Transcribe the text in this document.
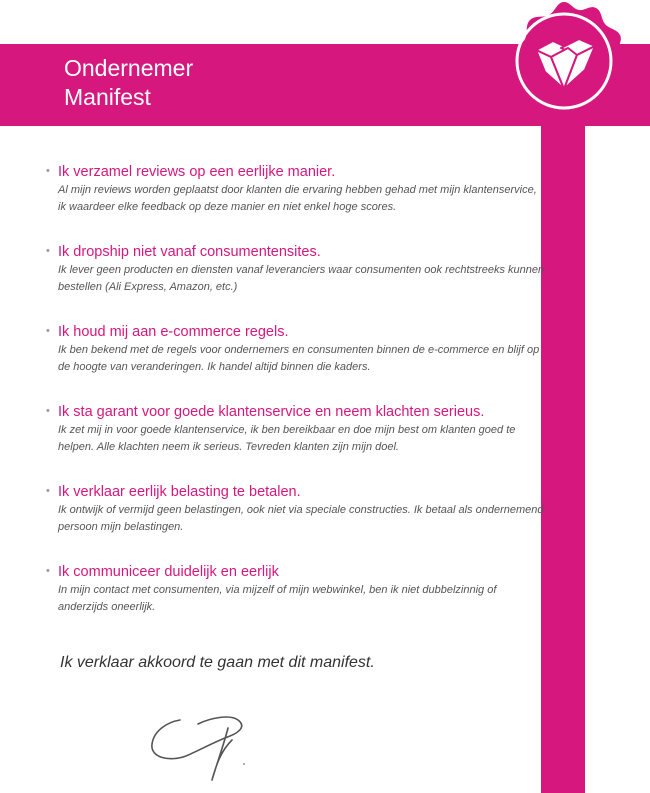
Ondernemer
Manifest
• Ik verzamel reviews op een eerlijke manier.
Al mijn reviews worden geplaatst door klanten die ervaring hebben gehad met mijn klantenservice, ik waardeer elke feedback op deze manier en niet enkel hoge scores.
• Ik dropship niet vanaf consumentensites.
Ik lever geen producten en diensten vanaf leveranciers waar consumenten ook rechtstreeks kunnen bestellen (Ali Express, Amazon, etc.)
• Ik houd mij aan e-commerce regels.
Ik ben bekend met de regels voor ondernemers en consumenten binnen de e-commerce en blijf op de hoogte van veranderingen. Ik handel altijd binnen die kaders.
• Ik sta garant voor goede klantenservice en neem klachten serieus.
Ik zet mij in voor goede klantenservice, ik ben bereikbaar en doe mijn best om klanten goed te helpen. Alle klachten neem ik serieus. Tevreden klanten zijn mijn doel.
• Ik verklaar eerlijk belasting te betalen.
Ik ontwijk of vermijd geen belastingen, ook niet via speciale constructies. Ik betaal als ondernemend persoon mijn belastingen.
• Ik communiceer duidelijk en eerlijk
In mijn contact met consumenten, via mijzelf of mijn webwinkel, ben ik niet dubbelzinnig of anderzijds oneerlijk.
Ik verklaar akkoord te gaan met dit manifest.
